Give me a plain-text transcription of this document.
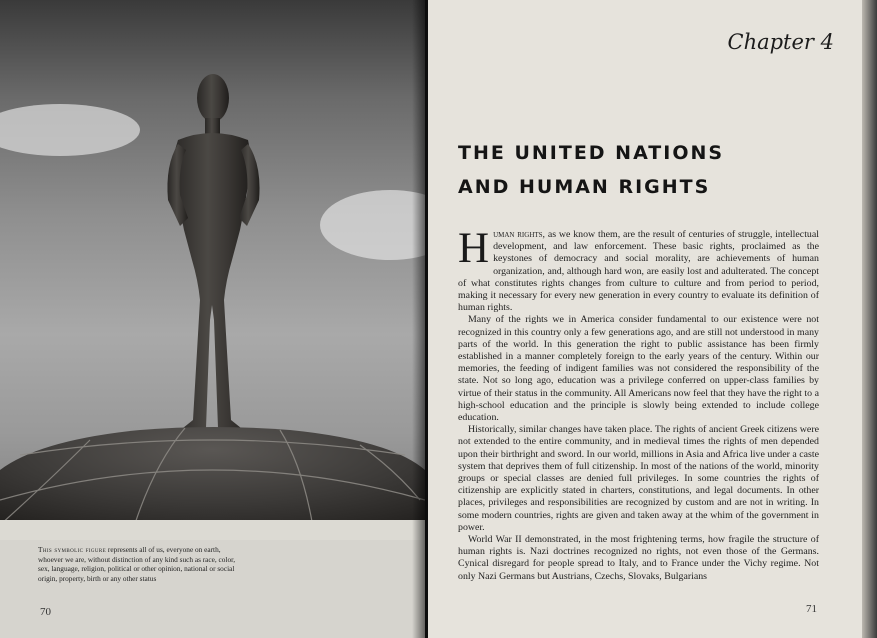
This symbolic figure represents all of us, everyone on earth, whoever we are, without distinction of any kind such as race, color, sex, language, religion, political or other opinion, national or social origin, property, birth or any other status
70
Chapter 4
THE UNITED NATIONS
AND HUMAN RIGHTS

Human rights, as we know them, are the result of centuries of struggle, intellectual development, and law enforcement. These basic rights, proclaimed as the keystones of democracy and social morality, are achievements of human organization, and, although hard won, are easily lost and adulterated. The concept of what constitutes rights changes from culture to culture and from period to period, making it necessary for every new generation in every country to evaluate its definition of human rights.

Many of the rights we in America consider fundamental to our existence were not recognized in this country only a few generations ago, and are still not understood in many parts of the world. In this generation the right to public assistance has been firmly established in a manner completely foreign to the early years of the century. Within our memories, the feeding of indigent families was not considered the responsibility of the state. Not so long ago, education was a privilege conferred on upper-class families by virtue of their status in the community. All Americans now feel that they have the right to a high-school education and the principle is slowly being extended to include college education.

Historically, similar changes have taken place. The rights of ancient Greek citizens were not extended to the entire community, and in medieval times the rights of men depended upon their birthright and sword. In our world, millions in Asia and Africa live under a caste system that deprives them of full citizenship. In most of the nations of the world, minority groups or special classes are denied full privileges. In some countries the rights of citizenship are explicitly stated in charters, constitutions, and legal documents. In other places, privileges and responsibilities are recognized by custom and are not in writing. In some modern countries, rights are given and taken away at the whim of the government in power.

World War II demonstrated, in the most frightening terms, how fragile the structure of human rights is. Nazi doctrines recognized no rights, not even those of the Germans. Cynical disregard for people spread to Italy, and to France under the Vichy regime. Not only Nazi Germans but Austrians, Czechs, Slovaks, Bulgarians

71
